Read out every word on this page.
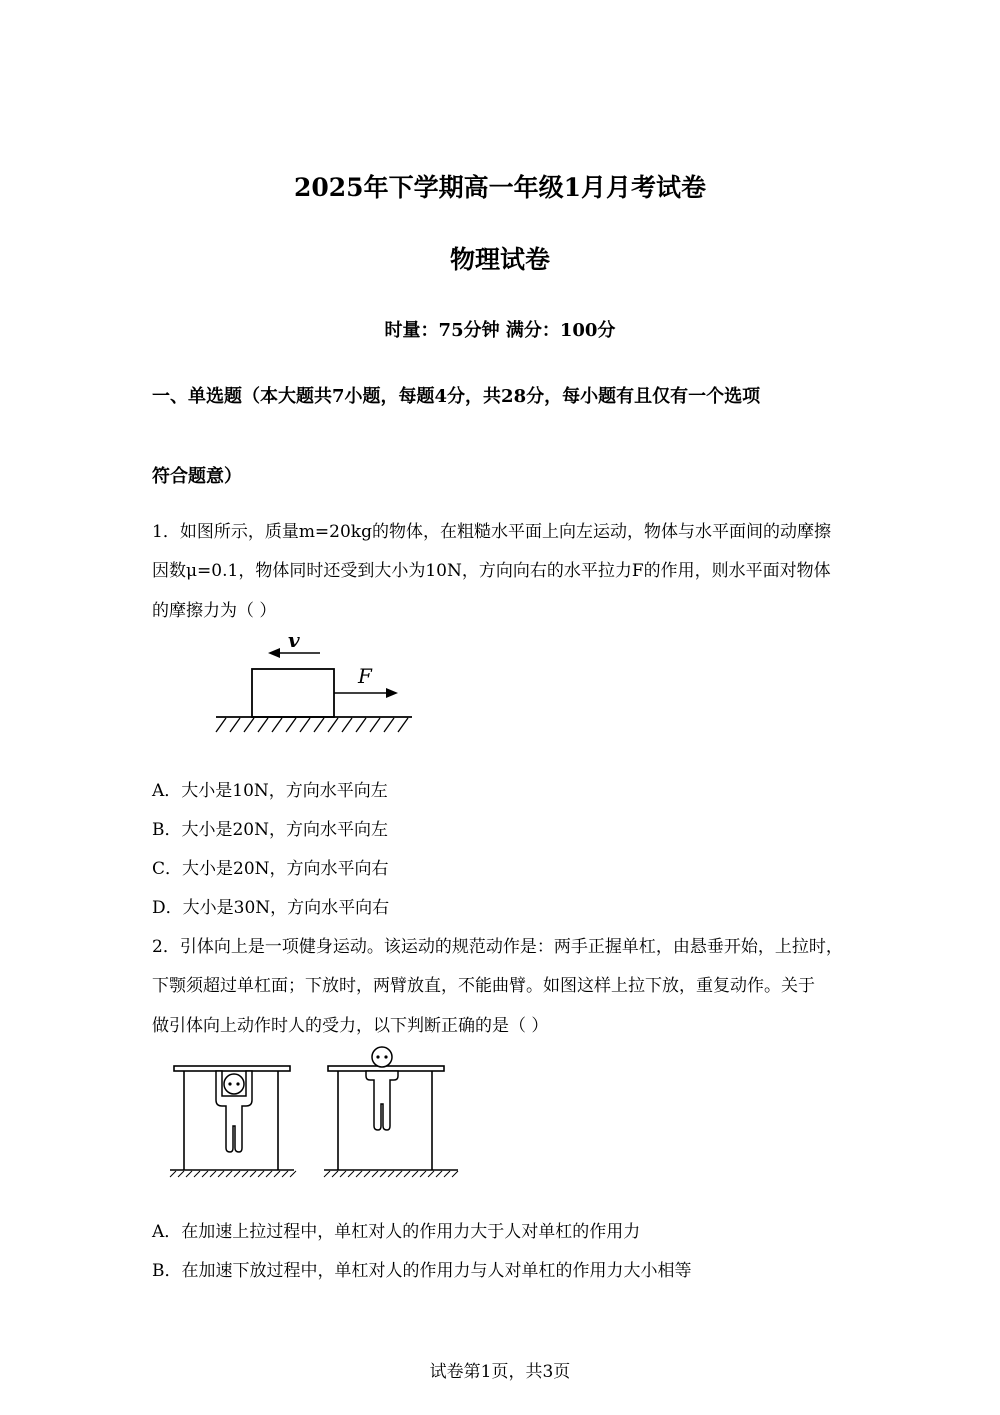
2025年下学期高一年级1月月考试卷
物理试卷
时量：75分钟 满分：100分
一、单选题（本大题共7小题，每题4分，共28分，每小题有且仅有一个选项
符合题意）
1．如图所示，质量m=20kg的物体，在粗糙水平面上向左运动，物体与水平面间的动摩擦
因数μ=0.1，物体同时还受到大小为10N，方向向右的水平拉力F的作用，则水平面对物体
的摩擦力为（ ）
v
F
A．大小是10N，方向水平向左
B．大小是20N，方向水平向左
C．大小是20N，方向水平向右
D．大小是30N，方向水平向右
2．引体向上是一项健身运动。该运动的规范动作是：两手正握单杠，由悬垂开始，上拉时，
下颚须超过单杠面；下放时，两臂放直，不能曲臂。如图这样上拉下放，重复动作。关于
做引体向上动作时人的受力，以下判断正确的是（ ）
A．在加速上拉过程中，单杠对人的作用力大于人对单杠的作用力
B．在加速下放过程中，单杠对人的作用力与人对单杠的作用力大小相等
试卷第1页，共3页
